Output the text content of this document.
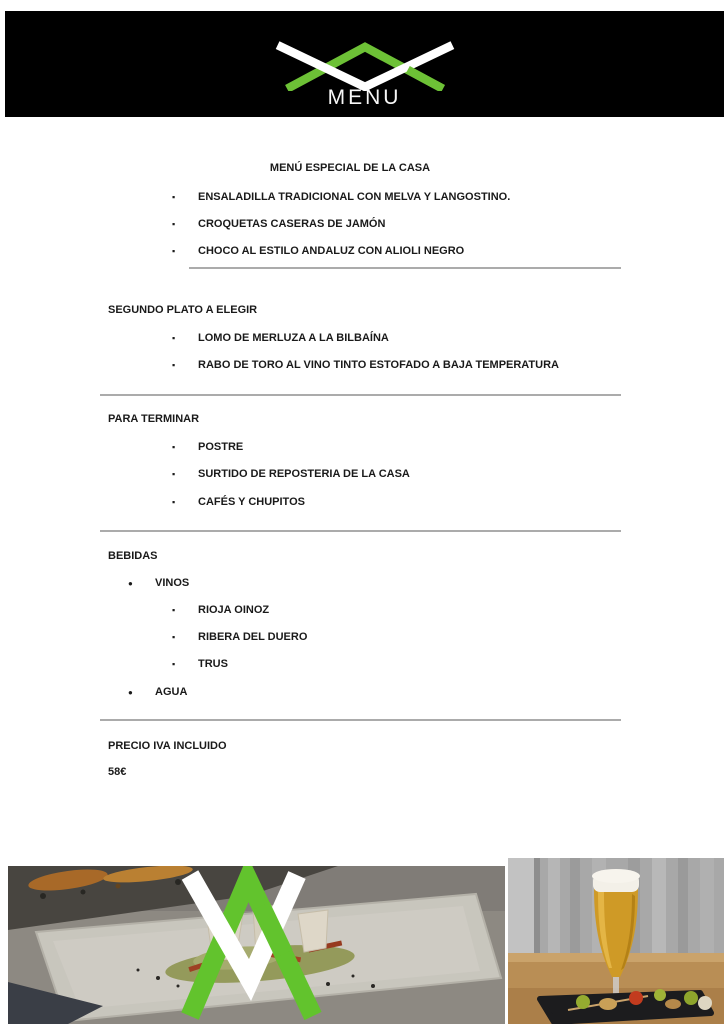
MENU
MENÚ ESPECIAL DE LA CASA
▪	ENSALADILLA TRADICIONAL CON MELVA Y LANGOSTINO.
▪	CROQUETAS CASERAS DE JAMÓN
▪	CHOCO AL ESTILO ANDALUZ CON ALIOLI NEGRO
SEGUNDO PLATO A ELEGIR
▪	LOMO DE MERLUZA A LA BILBAÍNA
▪	RABO DE TORO AL VINO TINTO ESTOFADO A BAJA TEMPERATURA
PARA TERMINAR
▪	POSTRE
▪	SURTIDO DE REPOSTERIA DE LA CASA
▪	CAFÉS Y CHUPITOS
BEBIDAS
●	VINOS
▪	RIOJA OINOZ
▪	RIBERA DEL DUERO
▪	TRUS
●	AGUA
PRECIO IVA INCLUIDO
58€
